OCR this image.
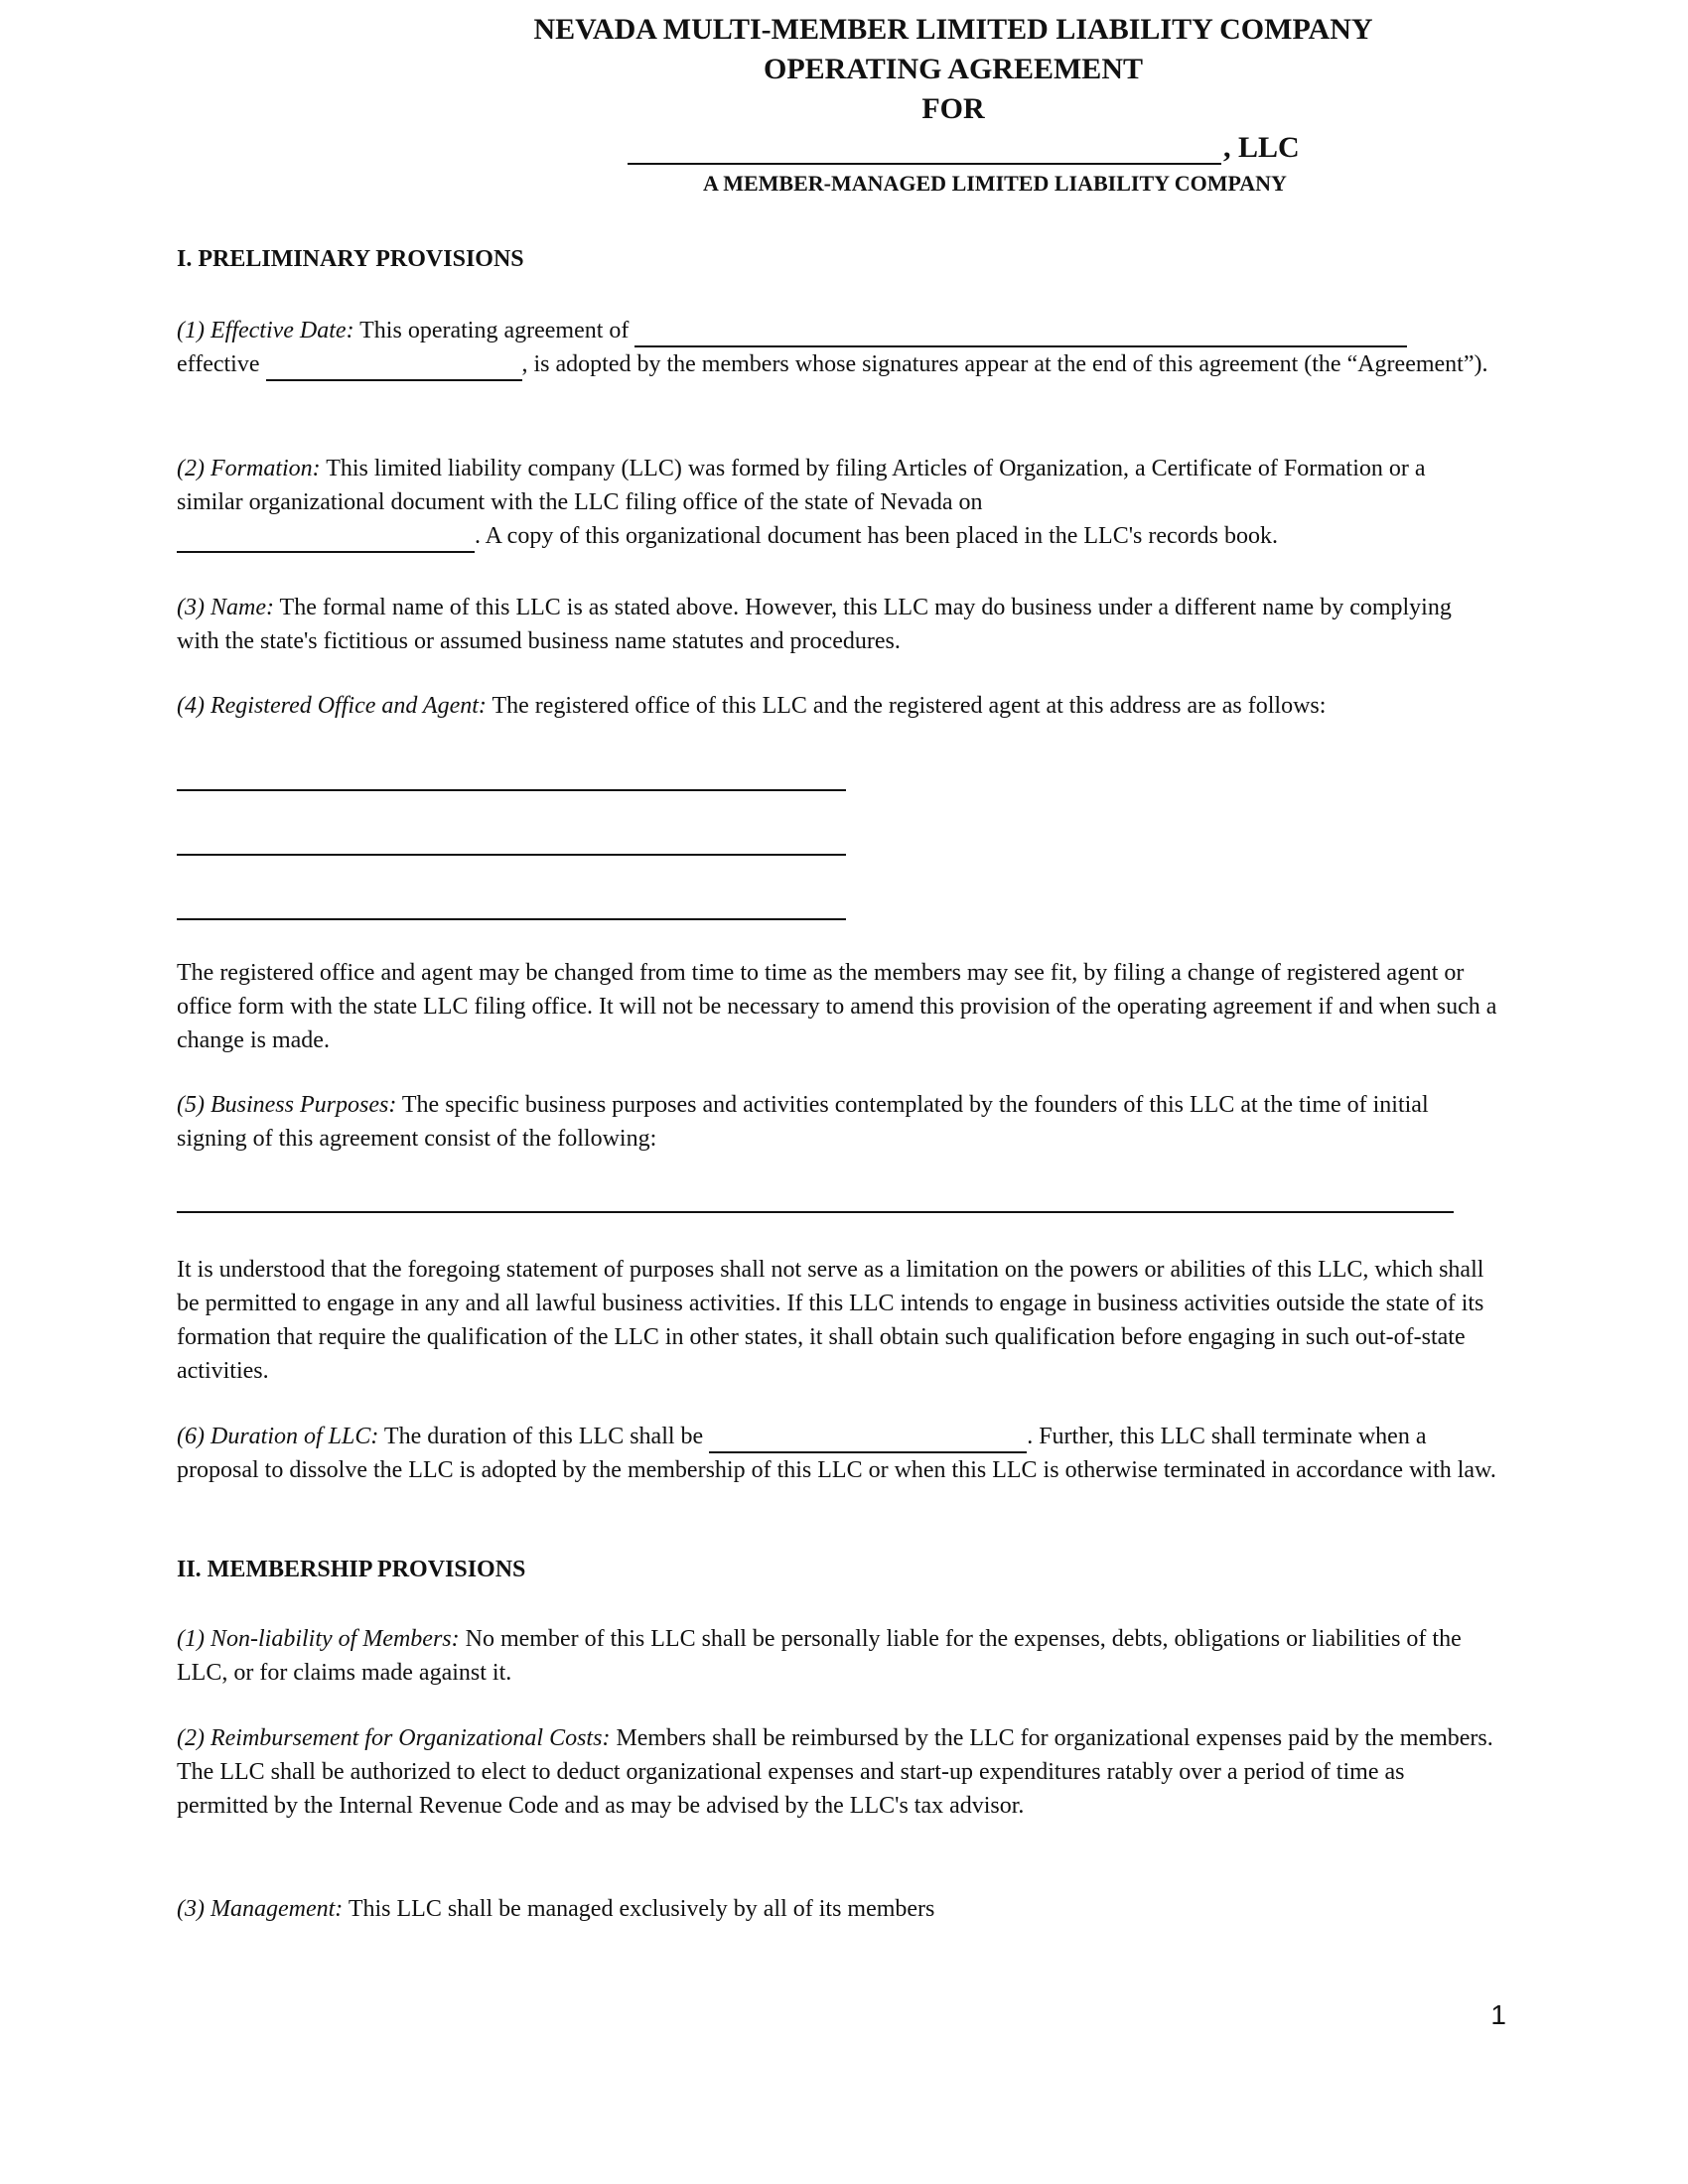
NEVADA MULTI-MEMBER LIMITED LIABILITY COMPANY
OPERATING AGREEMENT
FOR
, LLC
A MEMBER-MANAGED LIMITED LIABILITY COMPANY
I. PRELIMINARY PROVISIONS
(1) Effective Date: This operating agreement of
effective	, is adopted by the members whose signatures appear at the end of this agreement (the “Agreement”).
(2) Formation: This limited liability company (LLC) was formed by filing Articles of Organization, a Certificate of Formation or a similar organizational document with the LLC filing office of the state of Nevada on
. A copy of this organizational document has been placed in the LLC's records book.
(3) Name: The formal name of this LLC is as stated above. However, this LLC may do business under a different name by complying with the state's fictitious or assumed business name statutes and procedures.
(4) Registered Office and Agent: The registered office of this LLC and the registered agent at this address are as follows:
The registered office and agent may be changed from time to time as the members may see fit, by filing a change of registered agent or office form with the state LLC filing office. It will not be necessary to amend this provision of the operating agreement if and when such a change is made.
(5) Business Purposes: The specific business purposes and activities contemplated by the founders of this LLC at the time of initial signing of this agreement consist of the following:
It is understood that the foregoing statement of purposes shall not serve as a limitation on the powers or abilities of this LLC, which shall be permitted to engage in any and all lawful business activities. If this LLC intends to engage in business activities outside the state of its formation that require the qualification of the LLC in other states, it shall obtain such qualification before engaging in such out-of-state activities.
(6) Duration of LLC: The duration of this LLC shall be	. Further, this LLC shall terminate when a proposal to dissolve the LLC is adopted by the membership of this LLC or when this LLC is otherwise terminated in accordance with law.
II. MEMBERSHIP PROVISIONS
(1) Non-liability of Members: No member of this LLC shall be personally liable for the expenses, debts, obligations or liabilities of the LLC, or for claims made against it.
(2) Reimbursement for Organizational Costs: Members shall be reimbursed by the LLC for organizational expenses paid by the members. The LLC shall be authorized to elect to deduct organizational expenses and start-up expenditures ratably over a period of time as permitted by the Internal Revenue Code and as may be advised by the LLC's tax advisor.
(3) Management: This LLC shall be managed exclusively by all of its members
1
